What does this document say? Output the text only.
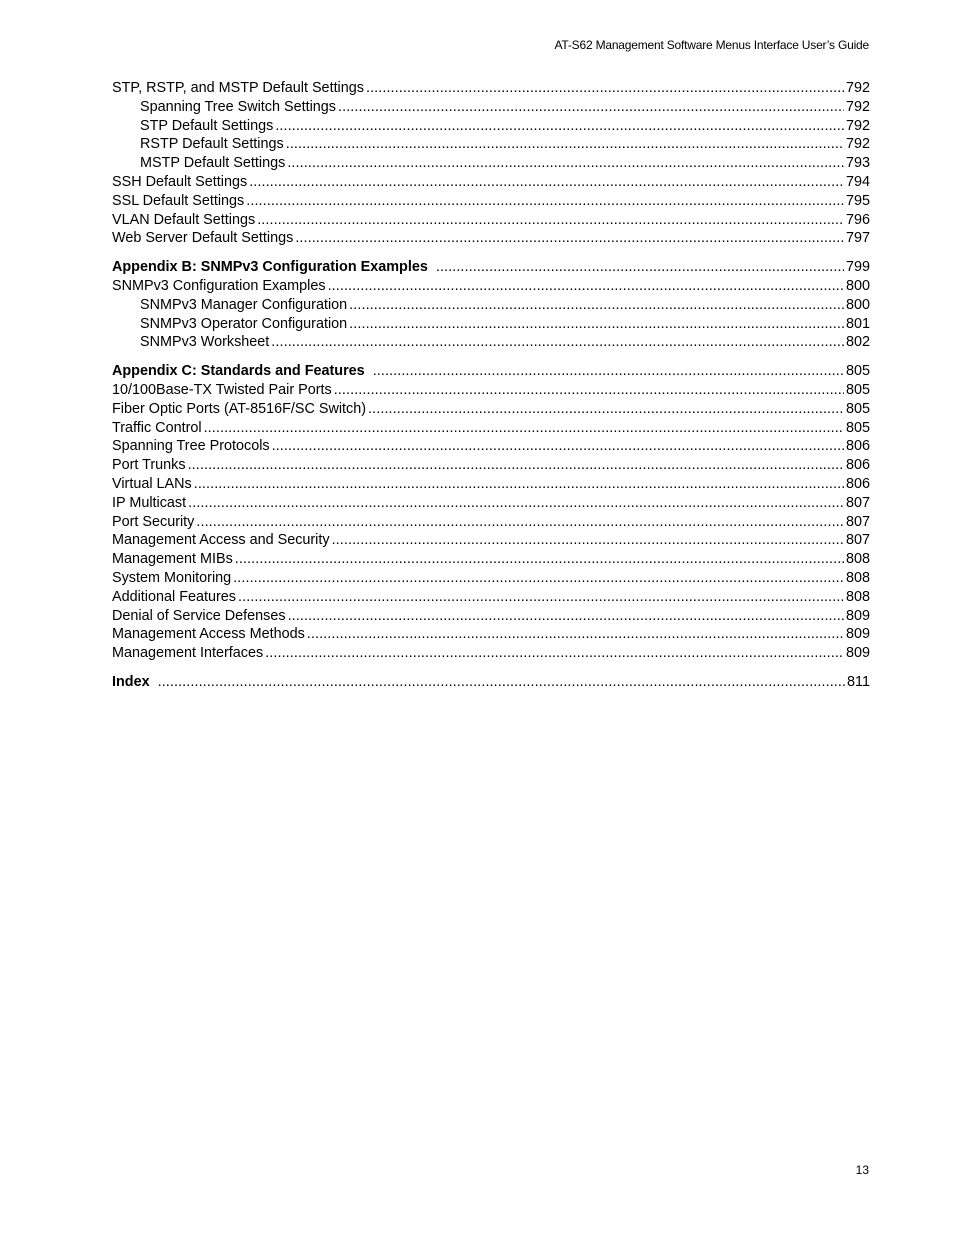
AT-S62 Management Software Menus Interface User’s Guide
STP, RSTP, and MSTP Default Settings .....	792
Spanning Tree Switch Settings .....	792
STP Default Settings .....	792
RSTP Default Settings .....	792
MSTP Default Settings .....	793
SSH Default Settings .....	794
SSL Default Settings .....	795
VLAN Default Settings .....	796
Web Server Default Settings .....	797
Appendix B: SNMPv3 Configuration Examples .....	799
SNMPv3 Configuration Examples .....	800
SNMPv3 Manager Configuration .....	800
SNMPv3 Operator Configuration .....	801
SNMPv3 Worksheet .....	802
Appendix C: Standards and Features .....	805
10/100Base-TX Twisted Pair Ports .....	805
Fiber Optic Ports (AT-8516F/SC Switch) .....	805
Traffic Control .....	805
Spanning Tree Protocols .....	806
Port Trunks .....	806
Virtual LANs .....	806
IP Multicast .....	807
Port Security .....	807
Management Access and Security .....	807
Management MIBs .....	808
System Monitoring .....	808
Additional Features .....	808
Denial of Service Defenses .....	809
Management Access Methods .....	809
Management Interfaces .....	809
Index .....	811
13
